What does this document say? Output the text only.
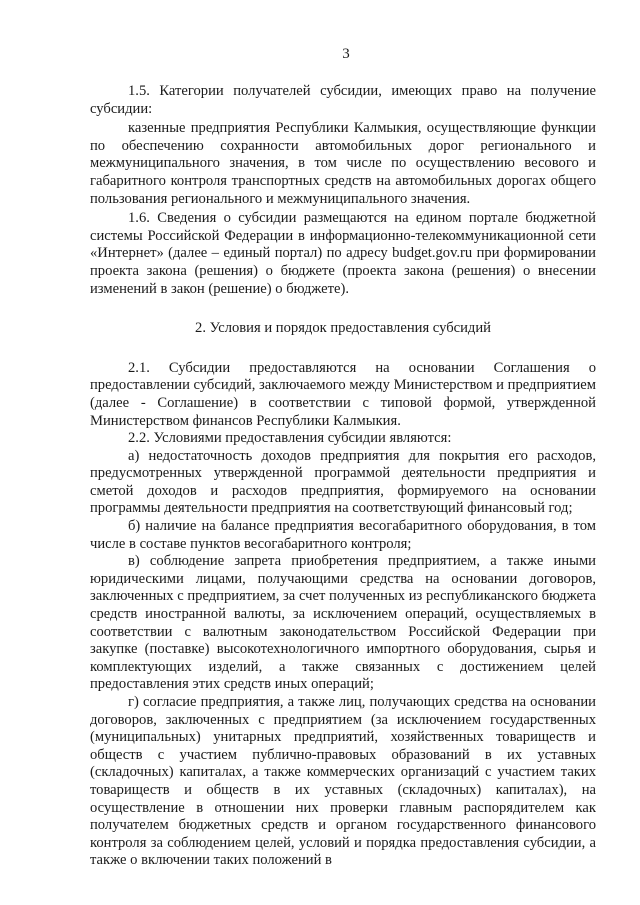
3

1.5. Категории получателей субсидии, имеющих право на получение субсидии:

казенные предприятия Республики Калмыкия, осуществляющие функции по обеспечению сохранности автомобильных дорог регионального и межмуниципального значения, в том числе по осуществлению весового и габаритного контроля транспортных средств на автомобильных дорогах общего пользования регионального и межмуниципального значения.

1.6. Сведения о субсидии размещаются на едином портале бюджетной системы Российской Федерации в информационно-телекоммуникационной сети «Интернет» (далее – единый портал) по адресу budget.gov.ru при формировании проекта закона (решения) о бюджете (проекта закона (решения) о внесении изменений в закон (решение) о бюджете).

2. Условия и порядок предоставления субсидий

2.1. Субсидии предоставляются на основании Соглашения о предоставлении субсидий, заключаемого между Министерством и предприятием (далее - Соглашение) в соответствии с типовой формой, утвержденной Министерством финансов Республики Калмыкия.

2.2. Условиями предоставления субсидии являются:

а) недостаточность доходов предприятия для покрытия его расходов, предусмотренных утвержденной программой деятельности предприятия и сметой доходов и расходов предприятия, формируемого на основании программы деятельности предприятия на соответствующий финансовый год;

б) наличие на балансе предприятия весогабаритного оборудования, в том числе в составе пунктов весогабаритного контроля;

в) соблюдение запрета приобретения предприятием, а также иными юридическими лицами, получающими средства на основании договоров, заключенных с предприятием, за счет полученных из республиканского бюджета средств иностранной валюты, за исключением операций, осуществляемых в соответствии с валютным законодательством Российской Федерации при закупке (поставке) высокотехнологичного импортного оборудования, сырья и комплектующих изделий, а также связанных с достижением целей предоставления этих средств иных операций;

г) согласие предприятия, а также лиц, получающих средства на основании договоров, заключенных с предприятием (за исключением государственных (муниципальных) унитарных предприятий, хозяйственных товариществ и обществ с участием публично-правовых образований в их уставных (складочных) капиталах, а также коммерческих организаций с участием таких товариществ и обществ в их уставных (складочных) капиталах), на осуществление в отношении них проверки главным распорядителем как получателем бюджетных средств и органом государственного финансового контроля за соблюдением целей, условий и порядка предоставления субсидии, а также о включении таких положений в
